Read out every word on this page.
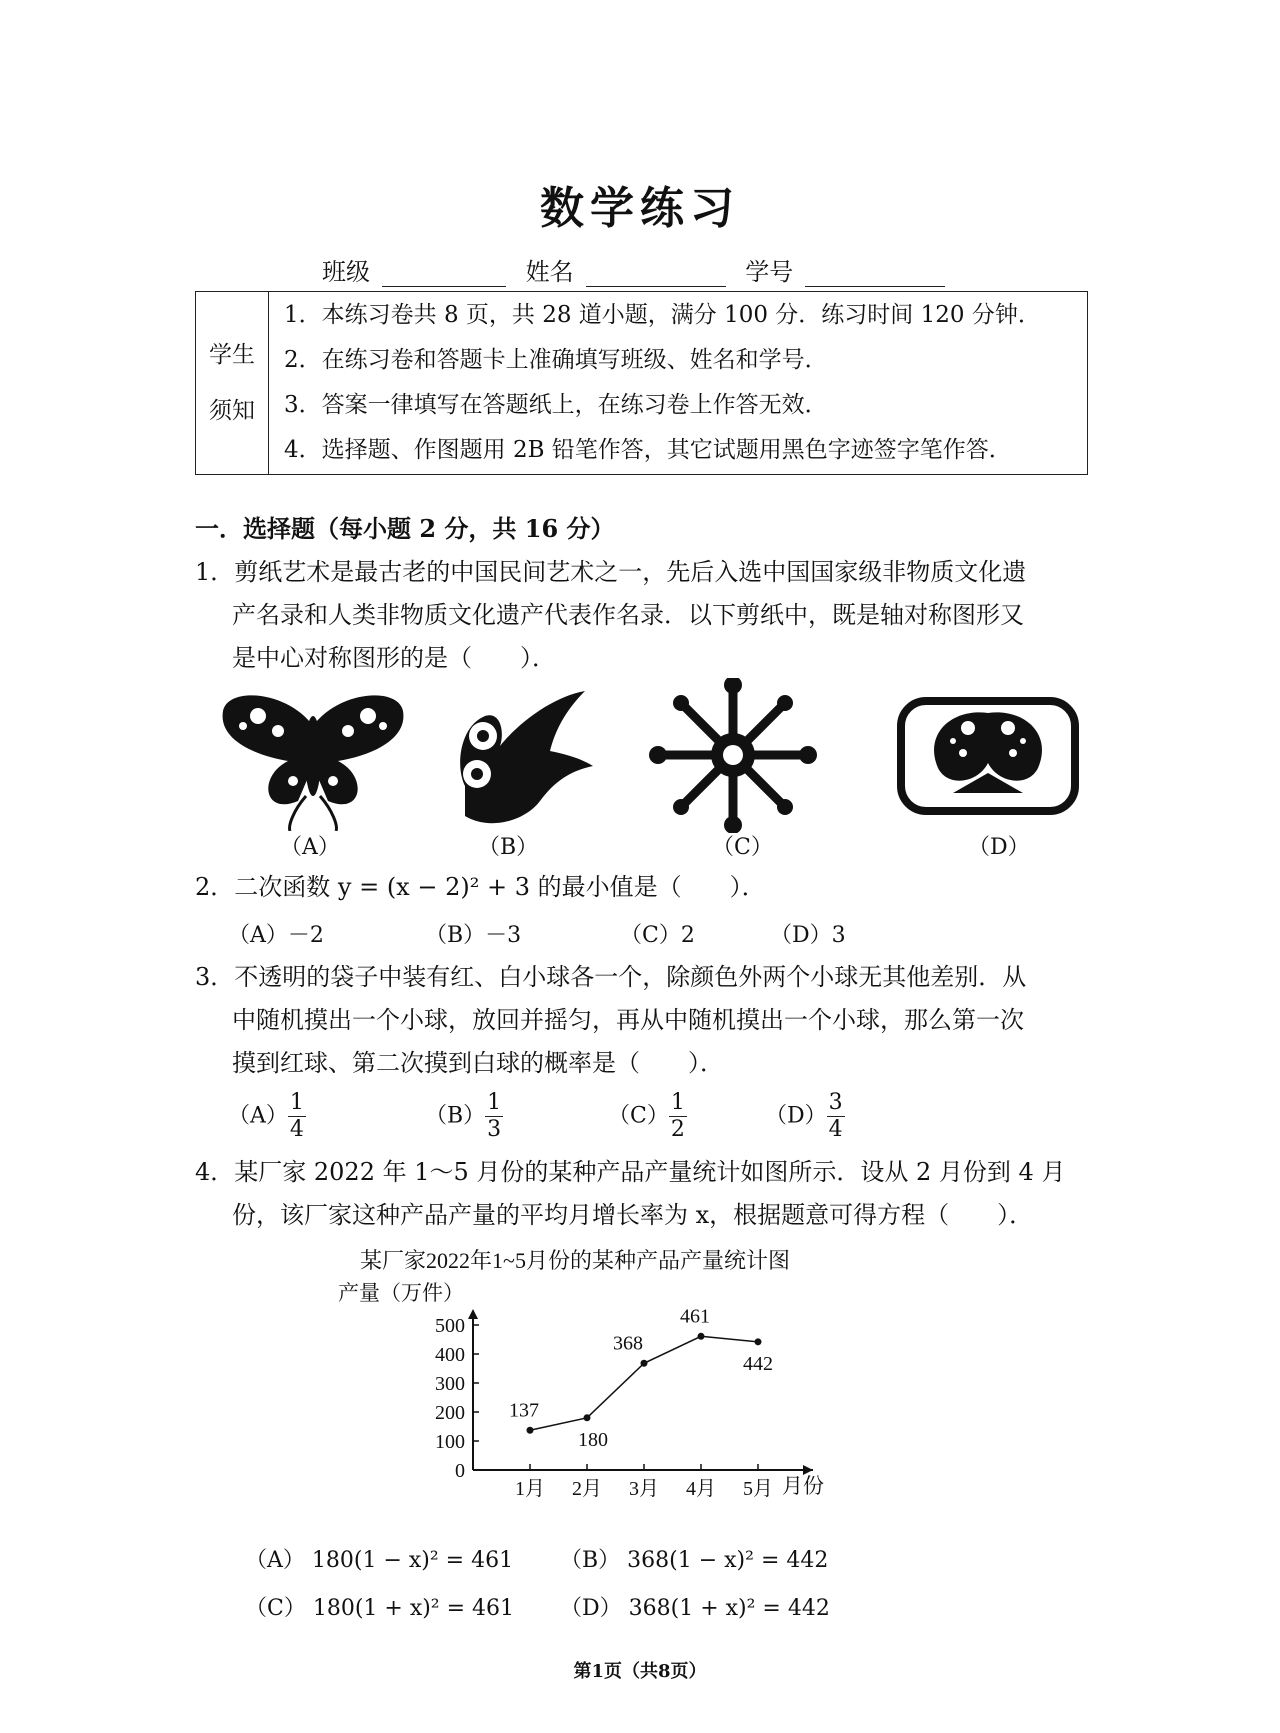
数学练习
班级	姓名	学号
学生
须知

1．本练习卷共 8 页，共 28 道小题，满分 100 分．练习时间 120 分钟．
2．在练习卷和答题卡上准确填写班级、姓名和学号．
3．答案一律填写在答题纸上，在练习卷上作答无效．
4．选择题、作图题用 2B 铅笔作答，其它试题用黑色字迹签字笔作答．
一．选择题（每小题 2 分，共 16 分）
1．剪纸艺术是最古老的中国民间艺术之一，先后入选中国国家级非物质文化遗
产名录和人类非物质文化遗产代表作名录．以下剪纸中，既是轴对称图形又
是中心对称图形的是（　　）．
（A）	（B）	（C）	（D）
2．二次函数 y = (x − 2)² + 3 的最小值是（　　）．
（A）－2	（B）－3	（C）2	（D）3
3．不透明的袋子中装有红、白小球各一个，除颜色外两个小球无其他差别．从
中随机摸出一个小球，放回并摇匀，再从中随机摸出一个小球，那么第一次
摸到红球、第二次摸到白球的概率是（　　）．
$(A) \frac{1}{4}$	$(B) \frac{1}{3}$	$(C) \frac{1}{2}$	$(D) \frac{3}{4}$
4．某厂家 2022 年 1～5 月份的某种产品产量统计如图所示．设从 2 月份到 4 月
份，该厂家这种产品产量的平均月增长率为 x，根据题意可得方程（　　）．
某厂家2022年1~5月份的某种产品产量统计图
产量（万件）
月份
0
100
200
300
400
500
1月 2月 3月 4月 5月
137
180
368
461
442
（A） 180(1 − x)² = 461 （B） 368(1 − x)² = 442
（C） 180(1 + x)² = 461 （D） 368(1 + x)² = 442
第1页（共8页）
